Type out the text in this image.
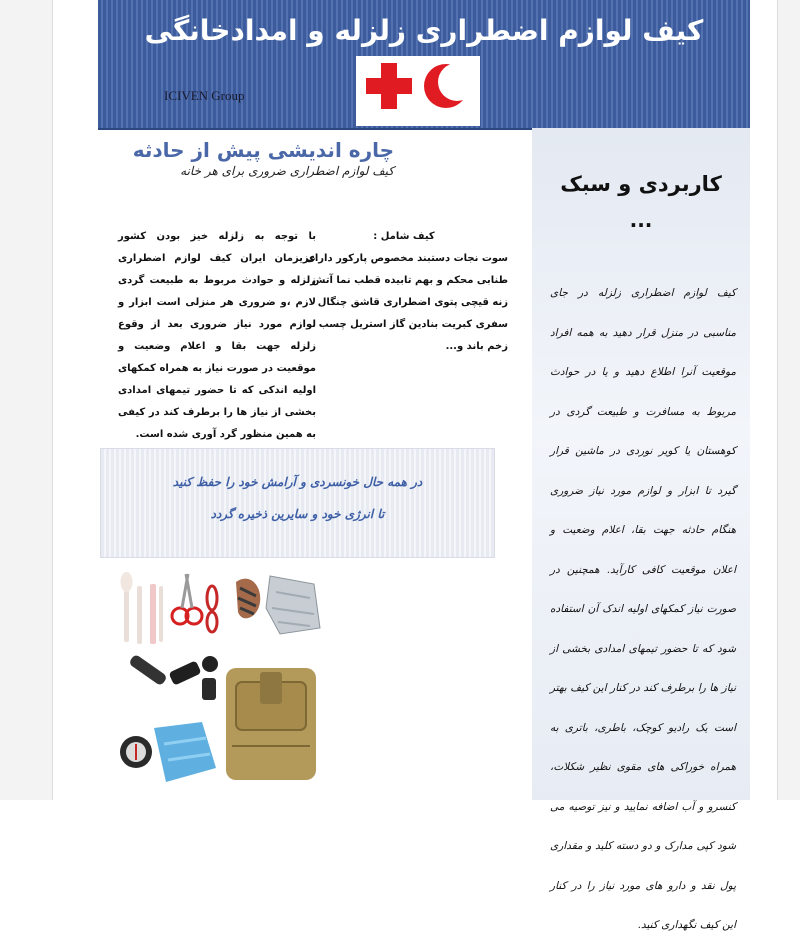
کیف لوازم اضطراری زلزله و امدادخانگی
ICIVEN Group
چاره اندیشی پیش از حادثه
کیف لوازم اضطراری ضروری برای هر خانه
با توجه به زلزله خیز بودن کشور عزیزمان ایران کیف لوازم اضطراری زلزله و حوادث مربوط به طبیعت گردی لازم ،و ضروری هر منزلی است ابزار و لوازم مورد نیاز ضروری بعد از وقوع زلزله جهت بقا و اعلام وضعیت و موقعیت در صورت نیاز به همراه کمکهای اولیه اندکی که تا حضور تیمهای امدادی بخشی از نیاز ها را برطرف کند در کیفی به همین منظور گرد آوری شده است.
کیف شامل :
سوت نجات دستبند مخصوص پارکور دارای طنابی محکم و بهم تابیده قطب نما آتش زنه قیچی پتوی اضطراری قاشق چنگال سفری کبریت بنادین گاز استریل چسب زخم باند و...
در همه حال خونسردی و آرامش خود را حفظ کنید
تا انرژی خود و سایرین ذخیره گردد
کاربردی و سبک
...
کیف لوازم اضطراری زلزله در جای مناسبی در منزل قرار دهید به همه افراد موقعیت آنرا اطلاع دهید و یا در حوادث مربوط به مسافرت و طبیعت گردی در کوهستان یا کویر نوردی در ماشین قرار گیرد تا ابزار و لوازم مورد نیاز ضروری هنگام حادثه جهت بقا، اعلام وضعیت و اعلان موقعیت کافی کارآید. همچنین در صورت نیاز کمکهای اولیه اندک آن استفاده شود که تا حضور تیمهای امدادی بخشی از نیاز ها را برطرف کند در کنار این کیف بهتر است یک رادیو کوچک، باطری، باتری به همراه خوراکی های مقوی نظیر شکلات، کنسرو و آب اضافه نمایید و نیز توصیه می شود کپی مدارک و دو دسته کلید و مقداری پول نقد و دارو های مورد نیاز را در کنار این کیف نگهداری کنید.
